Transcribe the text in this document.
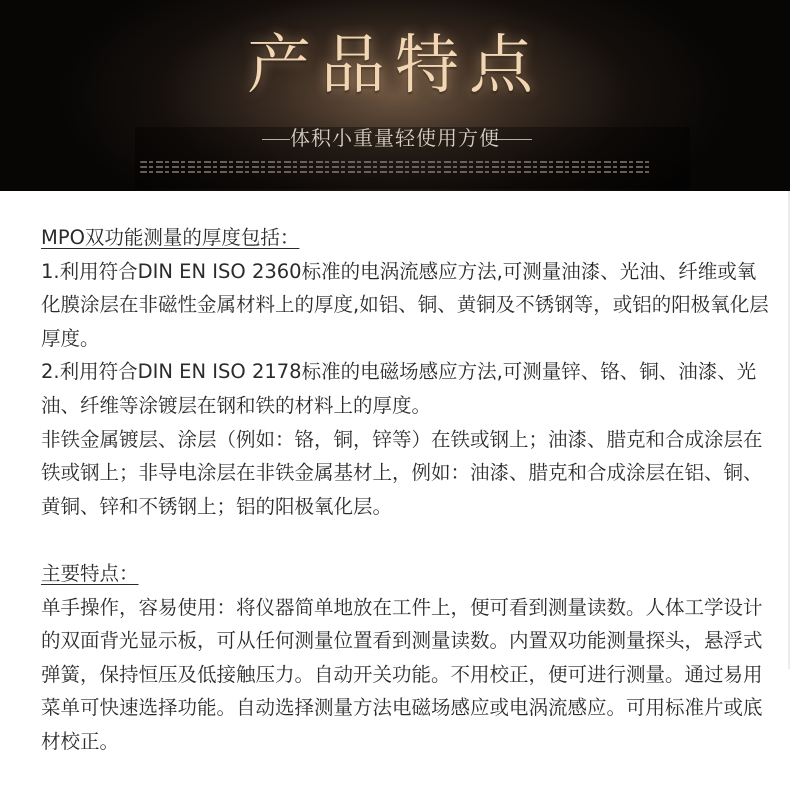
产品特点
体积小重量轻使用方便

MPO双功能测量的厚度包括：

1.利用符合DIN EN ISO 2360标准的电涡流感应方法,可测量油漆、光油、纤维或氧化膜涂层在非磁性金属材料上的厚度,如铝、铜、黄铜及不锈钢等，或铝的阳极氧化层厚度。

2.利用符合DIN EN ISO 2178标准的电磁场感应方法,可测量锌、铬、铜、油漆、光油、纤维等涂镀层在钢和铁的材料上的厚度。

非铁金属镀层、涂层（例如：铬，铜，锌等）在铁或钢上；油漆、腊克和合成涂层在铁或钢上；非导电涂层在非铁金属基材上，例如：油漆、腊克和合成涂层在铝、铜、黄铜、锌和不锈钢上；铝的阳极氧化层。

主要特点：

单手操作，容易使用：将仪器简单地放在工件上，便可看到测量读数。人体工学设计的双面背光显示板，可从任何测量位置看到测量读数。内置双功能测量探头，悬浮式弹簧，保持恒压及低接触压力。自动开关功能。不用校正，便可进行测量。通过易用菜单可快速选择功能。自动选择测量方法电磁场感应或电涡流感应。可用标准片或底材校正。
